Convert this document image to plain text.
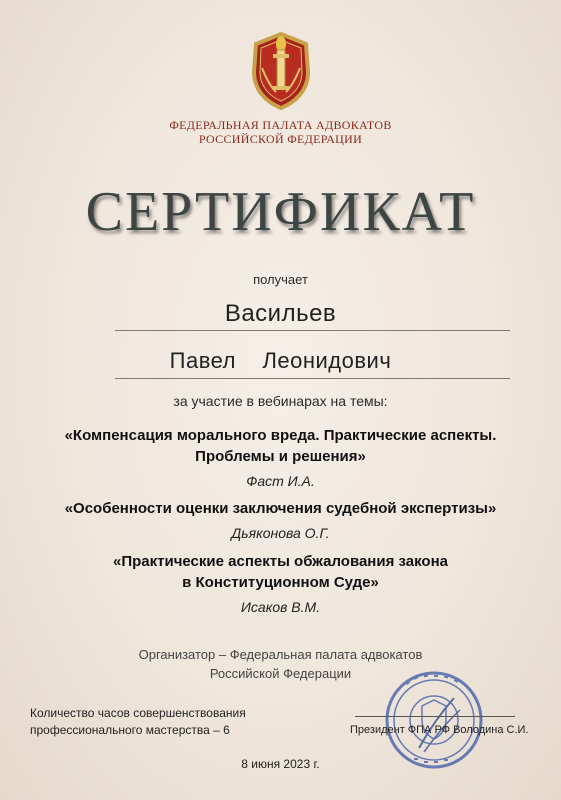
ФЕДЕРАЛЬНАЯ ПАЛАТА АДВОКАТОВ
РОССИЙСКОЙ ФЕДЕРАЦИИ
СЕРТИФИКАТ
получает
Васильев
Павел    Леонидович
за участие в вебинарах на темы:
«Компенсация морального вреда. Практические аспекты.
Проблемы и решения»
Фаст И.А.
«Особенности оценки заключения судебной экспертизы»
Дьяконова О.Г.
«Практические аспекты обжалования закона
в Конституционном Суде»
Исаков В.М.
Организатор – Федеральная палата адвокатов
Российской Федерации
Количество часов совершенствования
профессионального мастерства – 6	Президент ФПА РФ Володина С.И.
8 июня 2023 г.
